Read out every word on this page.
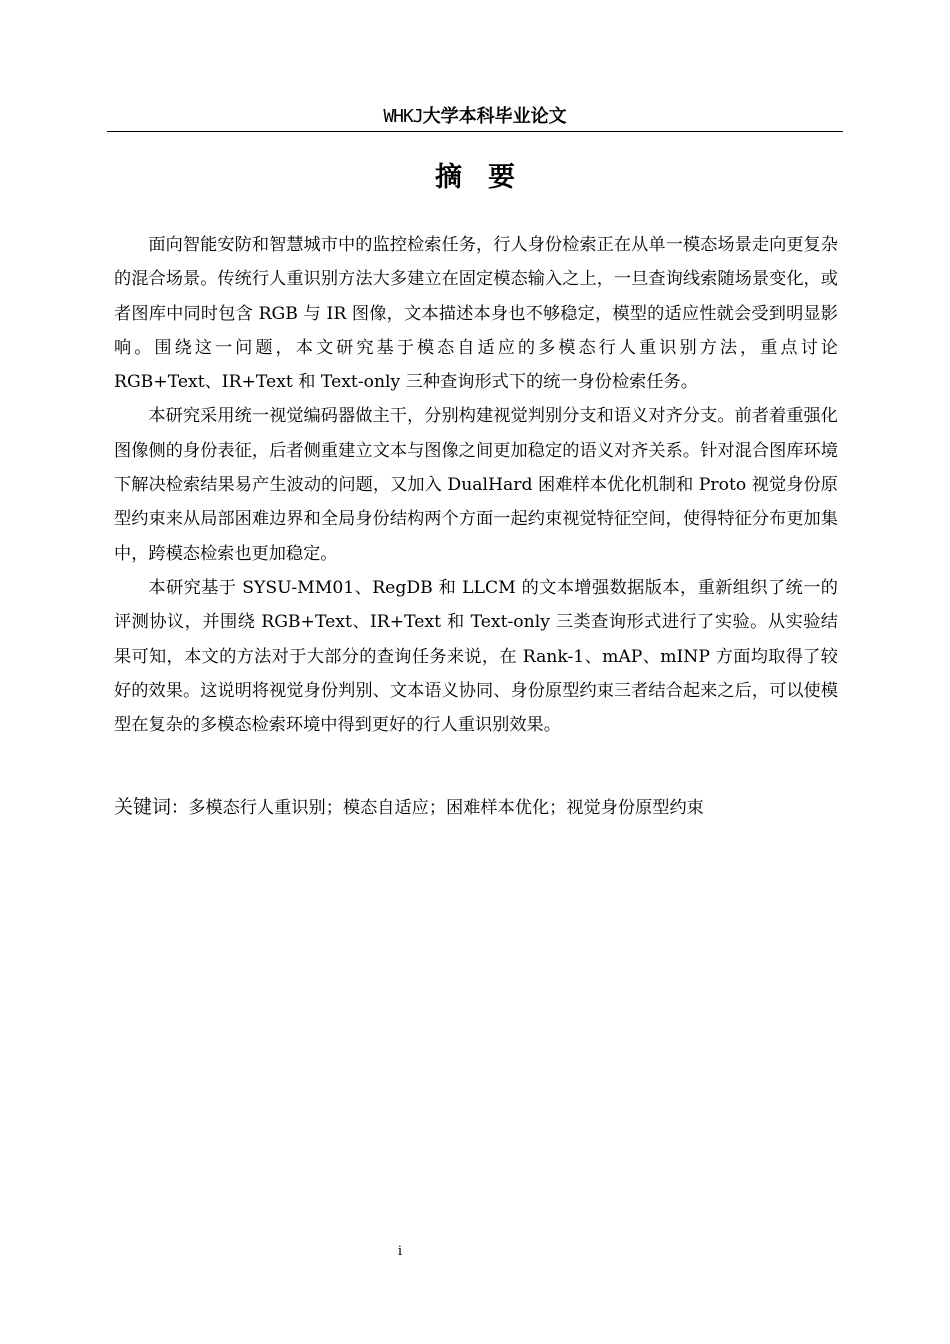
WHKJ大学本科毕业论文
摘要

面向智能安防和智慧城市中的监控检索任务，行人身份检索正在从单一模态场景走向更复杂的混合场景。传统行人重识别方法大多建立在固定模态输入之上，一旦查询线索随场景变化，或者图库中同时包含 RGB 与 IR 图像，文本描述本身也不够稳定，模型的适应性就会受到明显影响。围绕这一问题，本文研究基于模态自适应的多模态行人重识别方法，重点讨论 RGB+Text、IR+Text 和 Text-only 三种查询形式下的统一身份检索任务。

本研究采用统一视觉编码器做主干，分别构建视觉判别分支和语义对齐分支。前者着重强化图像侧的身份表征，后者侧重建立文本与图像之间更加稳定的语义对齐关系。针对混合图库环境下解决检索结果易产生波动的问题，又加入 DualHard 困难样本优化机制和 Proto 视觉身份原型约束来从局部困难边界和全局身份结构两个方面一起约束视觉特征空间，使得特征分布更加集中，跨模态检索也更加稳定。

本研究基于 SYSU-MM01、RegDB 和 LLCM 的文本增强数据版本，重新组织了统一的评测协议，并围绕 RGB+Text、IR+Text 和 Text-only 三类查询形式进行了实验。从实验结果可知，本文的方法对于大部分的查询任务来说，在 Rank-1、mAP、mINP 方面均取得了较好的效果。这说明将视觉身份判别、文本语义协同、身份原型约束三者结合起来之后，可以使模型在复杂的多模态检索环境中得到更好的行人重识别效果。

关键词：多模态行人重识别；模态自适应；困难样本优化；视觉身份原型约束
i
